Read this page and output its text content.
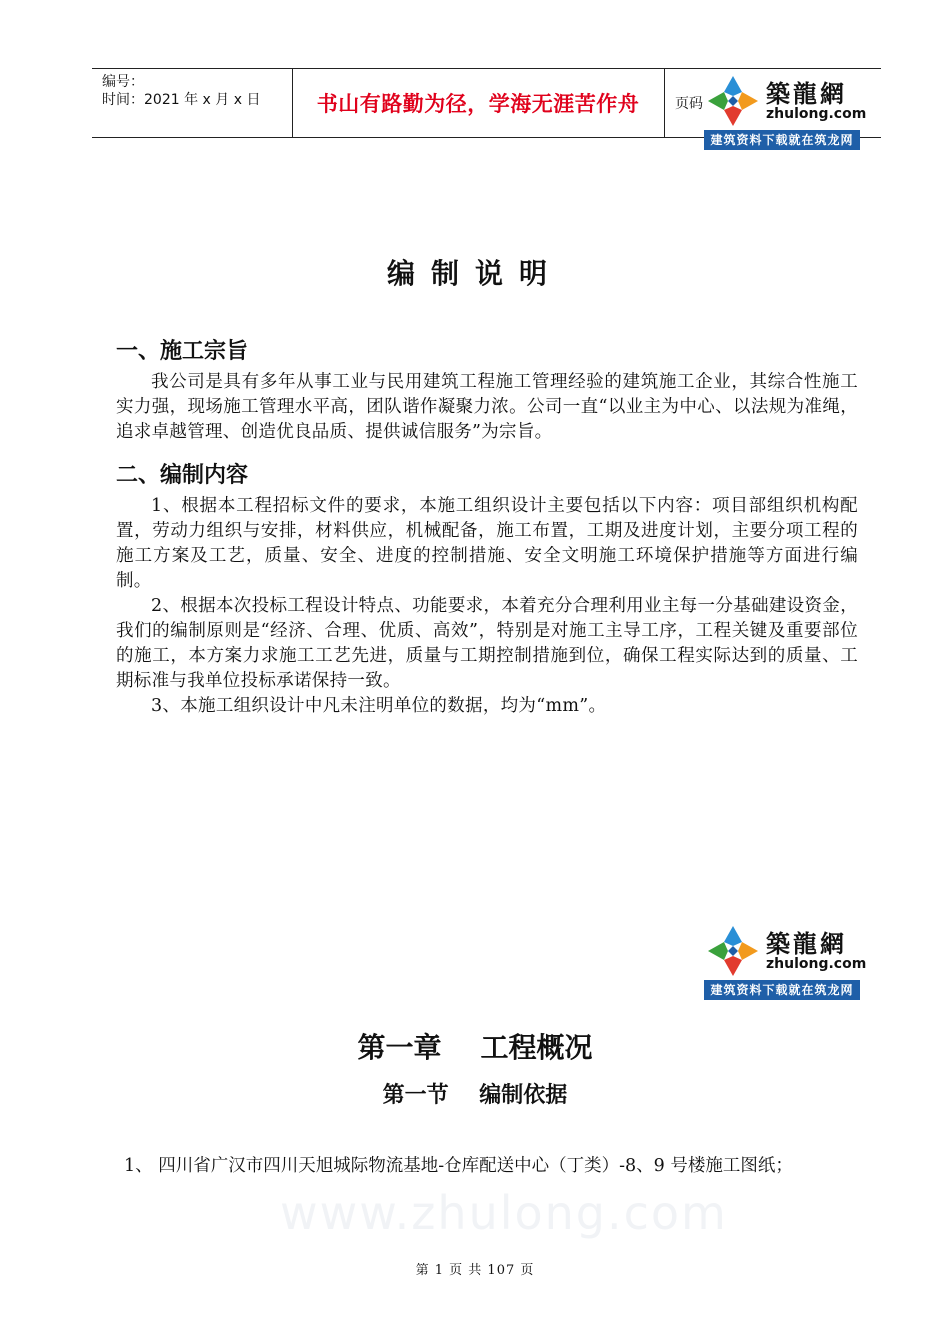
编号：
时间：2021 年 x 月 x 日	书山有路勤为径，学海无涯苦作舟	页码	築龍網
zhulong.com
建筑资料下载就在筑龙网
编制说明
一、施工宗旨
我公司是具有多年从事工业与民用建筑工程施工管理经验的建筑施工企业，其综合性施工实力强，现场施工管理水平高，团队谐作凝聚力浓。公司一直“以业主为中心、以法规为准绳，追求卓越管理、创造优良品质、提供诚信服务”为宗旨。
二、编制内容
1、根据本工程招标文件的要求，本施工组织设计主要包括以下内容：项目部组织机构配置，劳动力组织与安排，材料供应，机械配备，施工布置，工期及进度计划，主要分项工程的施工方案及工艺，质量、安全、进度的控制措施、安全文明施工环境保护措施等方面进行编制。
2、根据本次投标工程设计特点、功能要求，本着充分合理利用业主每一分基础建设资金，我们的编制原则是“经济、合理、优质、高效”，特别是对施工主导工序，工程关键及重要部位的施工，本方案力求施工工艺先进，质量与工期控制措施到位，确保工程实际达到的质量、工期标准与我单位投标承诺保持一致。
3、本施工组织设计中凡未注明单位的数据，均为“mm”。
築龍網
zhulong.com
建筑资料下载就在筑龙网
第一章    工程概况
第一节    编制依据
www.zhulong.com
1、 四川省广汉市四川天旭城际物流基地-仓库配送中心（丁类）-8、9 号楼施工图纸；
第 1 页 共 107 页
